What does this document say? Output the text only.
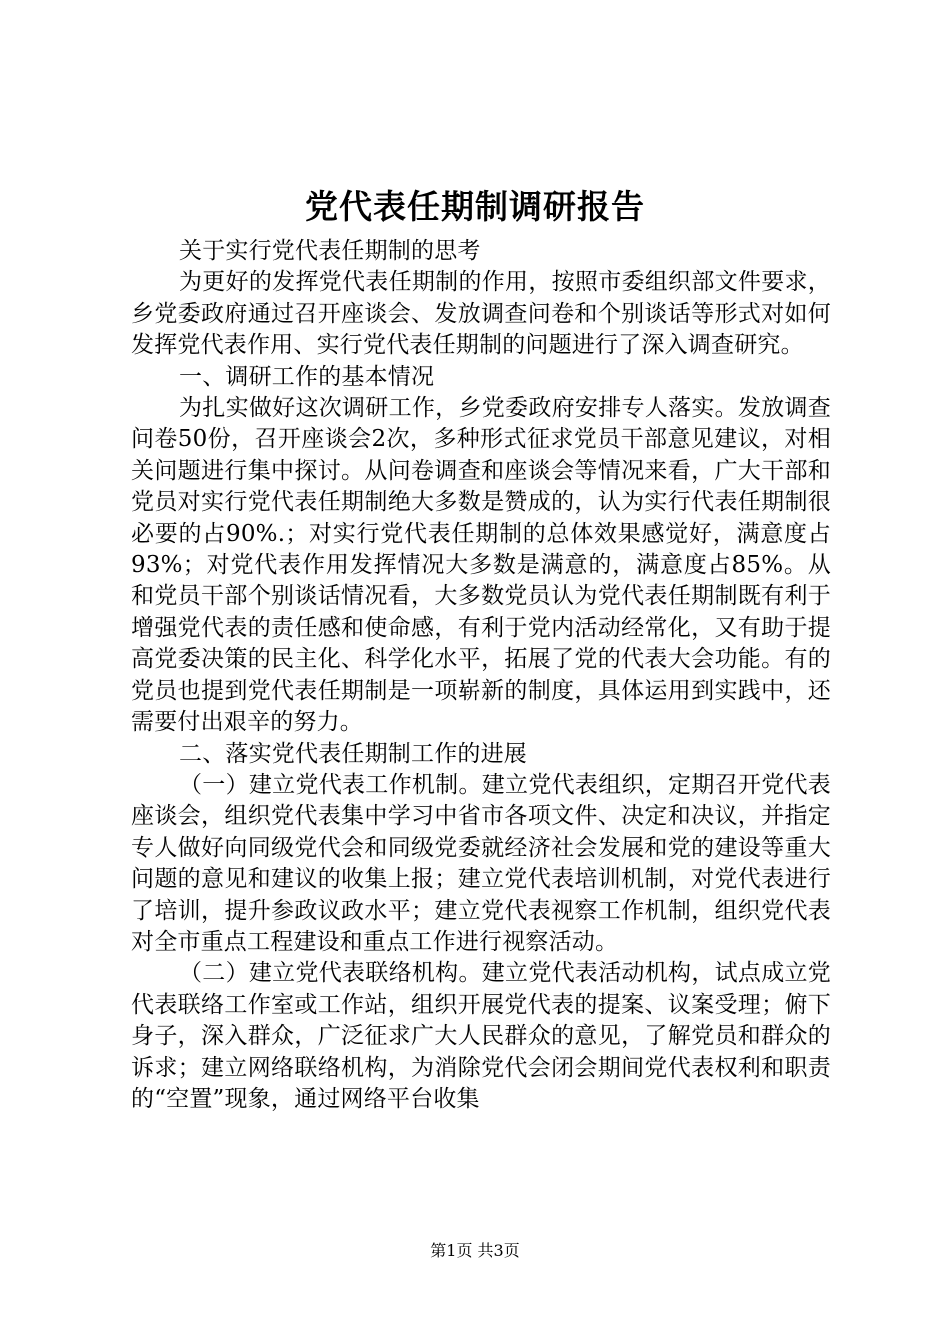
党代表任期制调研报告

关于实行党代表任期制的思考

为更好的发挥党代表任期制的作用，按照市委组织部文件要求，乡党委政府通过召开座谈会、发放调查问卷和个别谈话等形式对如何发挥党代表作用、实行党代表任期制的问题进行了深入调查研究。

一、调研工作的基本情况

为扎实做好这次调研工作，乡党委政府安排专人落实。发放调查问卷50份，召开座谈会2次，多种形式征求党员干部意见建议，对相关问题进行集中探讨。从问卷调查和座谈会等情况来看，广大干部和党员对实行党代表任期制绝大多数是赞成的，认为实行代表任期制很必要的占90%.；对实行党代表任期制的总体效果感觉好，满意度占93%；对党代表作用发挥情况大多数是满意的，满意度占85%。从和党员干部个别谈话情况看，大多数党员认为党代表任期制既有利于增强党代表的责任感和使命感，有利于党内活动经常化，又有助于提高党委决策的民主化、科学化水平，拓展了党的代表大会功能。有的党员也提到党代表任期制是一项崭新的制度，具体运用到实践中，还需要付出艰辛的努力。

二、落实党代表任期制工作的进展

（一）建立党代表工作机制。建立党代表组织，定期召开党代表座谈会，组织党代表集中学习中省市各项文件、决定和决议，并指定专人做好向同级党代会和同级党委就经济社会发展和党的建设等重大问题的意见和建议的收集上报；建立党代表培训机制，对党代表进行了培训，提升参政议政水平；建立党代表视察工作机制，组织党代表对全市重点工程建设和重点工作进行视察活动。

（二）建立党代表联络机构。建立党代表活动机构，试点成立党代表联络工作室或工作站，组织开展党代表的提案、议案受理；俯下身子，深入群众，广泛征求广大人民群众的意见，了解党员和群众的诉求；建立网络联络机构，为消除党代会闭会期间党代表权利和职责的“空置”现象，通过网络平台收集

第1页 共3页
